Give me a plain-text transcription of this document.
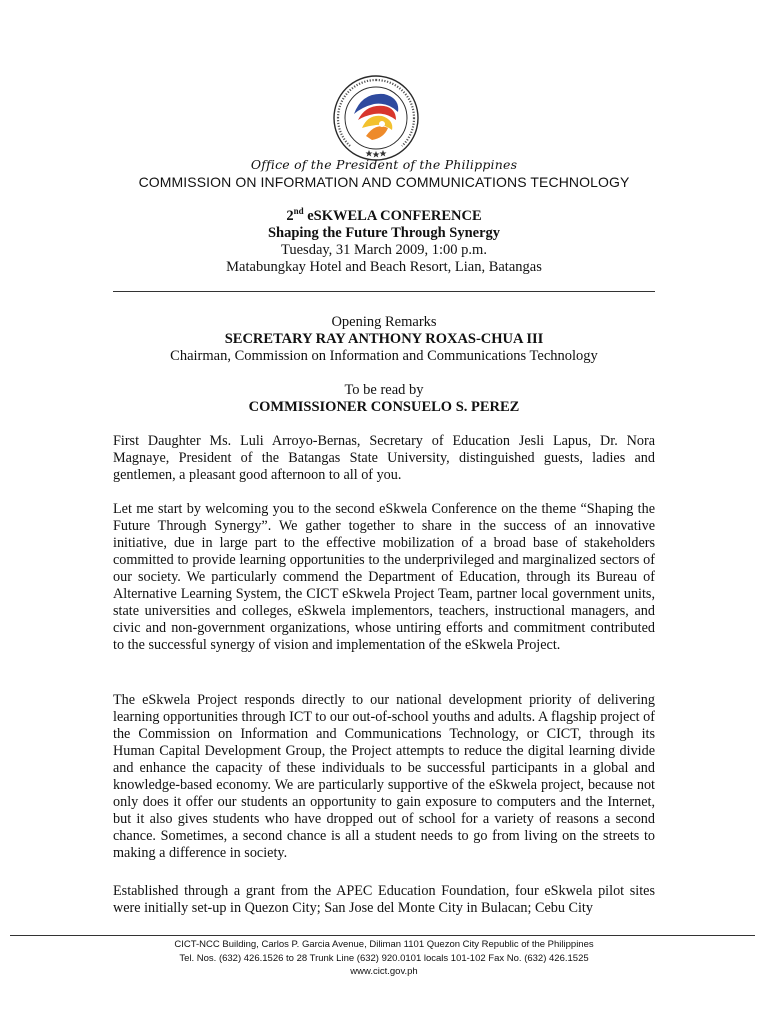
Office of the President of the Philippines
COMMISSION ON INFORMATION AND COMMUNICATIONS TECHNOLOGY
2nd eSKWELA CONFERENCE
Shaping the Future Through Synergy
Tuesday, 31 March 2009, 1:00 p.m.
Matabungkay Hotel and Beach Resort, Lian, Batangas
Opening Remarks
SECRETARY RAY ANTHONY ROXAS-CHUA III
Chairman, Commission on Information and Communications Technology
To be read by
COMMISSIONER CONSUELO S. PEREZ
First Daughter Ms. Luli Arroyo-Bernas, Secretary of Education Jesli Lapus, Dr. Nora Magnaye, President of the Batangas State University, distinguished guests, ladies and gentlemen, a pleasant good afternoon to all of you.
Let me start by welcoming you to the second eSkwela Conference on the theme “Shaping the Future Through Synergy”. We gather together to share in the success of an innovative initiative, due in large part to the effective mobilization of a broad base of stakeholders committed to provide learning opportunities to the underprivileged and marginalized sectors of our society. We particularly commend the Department of Education, through its Bureau of Alternative Learning System, the CICT eSkwela Project Team, partner local government units, state universities and colleges, eSkwela implementors, teachers, instructional managers, and civic and non-government organizations, whose untiring efforts and commitment contributed to the successful synergy of vision and implementation of the eSkwela Project.
The eSkwela Project responds directly to our national development priority of delivering learning opportunities through ICT to our out-of-school youths and adults. A flagship project of the Commission on Information and Communications Technology, or CICT, through its Human Capital Development Group, the Project attempts to reduce the digital learning divide and enhance the capacity of these individuals to be successful participants in a global and knowledge-based economy. We are particularly supportive of the eSkwela project, because not only does it offer our students an opportunity to gain exposure to computers and the Internet, but it also gives students who have dropped out of school for a variety of reasons a second chance. Sometimes, a second chance is all a student needs to go from living on the streets to making a difference in society.
Established through a grant from the APEC Education Foundation, four eSkwela pilot sites were initially set-up in Quezon City; San Jose del Monte City in Bulacan; Cebu City
CICT-NCC Building, Carlos P. Garcia Avenue, Diliman 1101 Quezon City Republic of the Philippines
Tel. Nos. (632) 426.1526 to 28 Trunk Line (632) 920.0101 locals 101-102 Fax No. (632) 426.1525
www.cict.gov.ph
